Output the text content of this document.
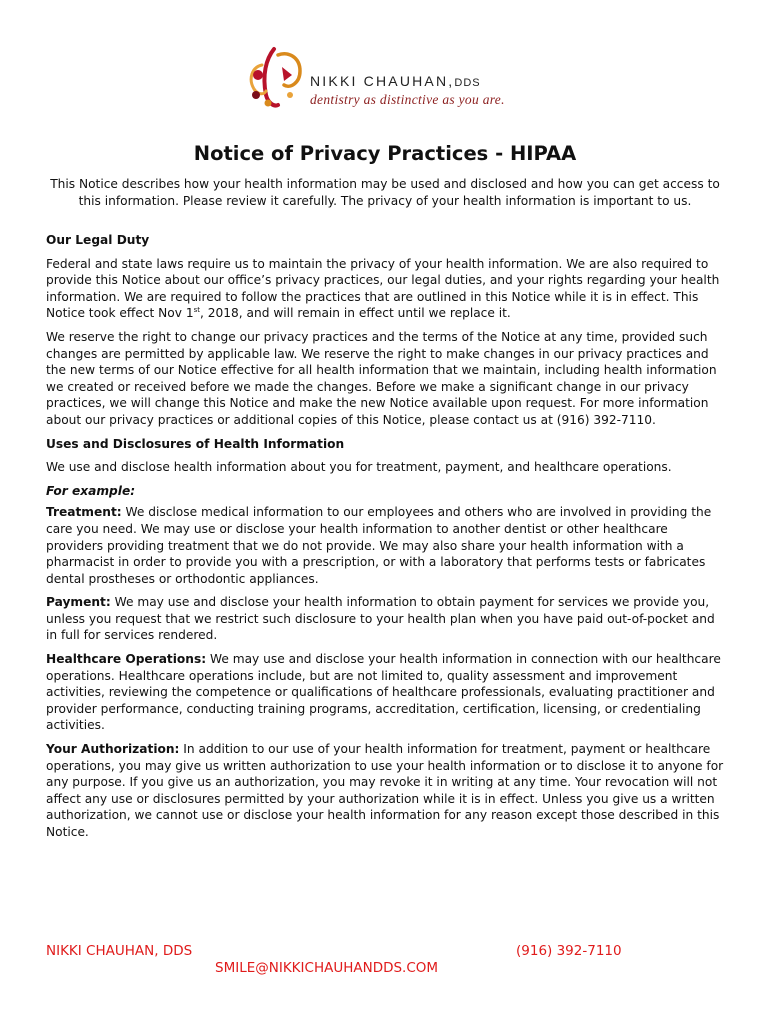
NIKKI CHAUHAN,DDS
dentistry as distinctive as you are.
Notice of Privacy Practices - HIPAA

This Notice describes how your health information may be used and disclosed and how you can get access to this information. Please review it carefully. The privacy of your health information is important to us.

Our Legal Duty

Federal and state laws require us to maintain the privacy of your health information. We are also required to provide this Notice about our office’s privacy practices, our legal duties, and your rights regarding your health information. We are required to follow the practices that are outlined in this Notice while it is in effect. This Notice took effect Nov 1st, 2018, and will remain in effect until we replace it.

We reserve the right to change our privacy practices and the terms of the Notice at any time, provided such changes are permitted by applicable law. We reserve the right to make changes in our privacy practices and the new terms of our Notice effective for all health information that we maintain, including health information we created or received before we made the changes. Before we make a significant change in our privacy practices, we will change this Notice and make the new Notice available upon request. For more information about our privacy practices or additional copies of this Notice, please contact us at (916) 392-7110.

Uses and Disclosures of Health Information

We use and disclose health information about you for treatment, payment, and healthcare operations.

For example:

Treatment: We disclose medical information to our employees and others who are involved in providing the care you need. We may use or disclose your health information to another dentist or other healthcare providers providing treatment that we do not provide. We may also share your health information with a pharmacist in order to provide you with a prescription, or with a laboratory that performs tests or fabricates dental prostheses or orthodontic appliances.

Payment: We may use and disclose your health information to obtain payment for services we provide you, unless you request that we restrict such disclosure to your health plan when you have paid out-of-pocket and in full for services rendered.

Healthcare Operations: We may use and disclose your health information in connection with our healthcare operations. Healthcare operations include, but are not limited to, quality assessment and improvement activities, reviewing the competence or qualifications of healthcare professionals, evaluating practitioner and provider performance, conducting training programs, accreditation, certification, licensing, or credentialing activities.

Your Authorization: In addition to our use of your health information for treatment, payment or healthcare operations, you may give us written authorization to use your health information or to disclose it to anyone for any purpose. If you give us an authorization, you may revoke it in writing at any time. Your revocation will not affect any use or disclosures permitted by your authorization while it is in effect. Unless you give us a written authorization, we cannot use or disclose your health information for any reason except those described in this Notice.

NIKKI CHAUHAN, DDS	(916) 392-7110
SMILE@NIKKICHAUHANDDS.COM
